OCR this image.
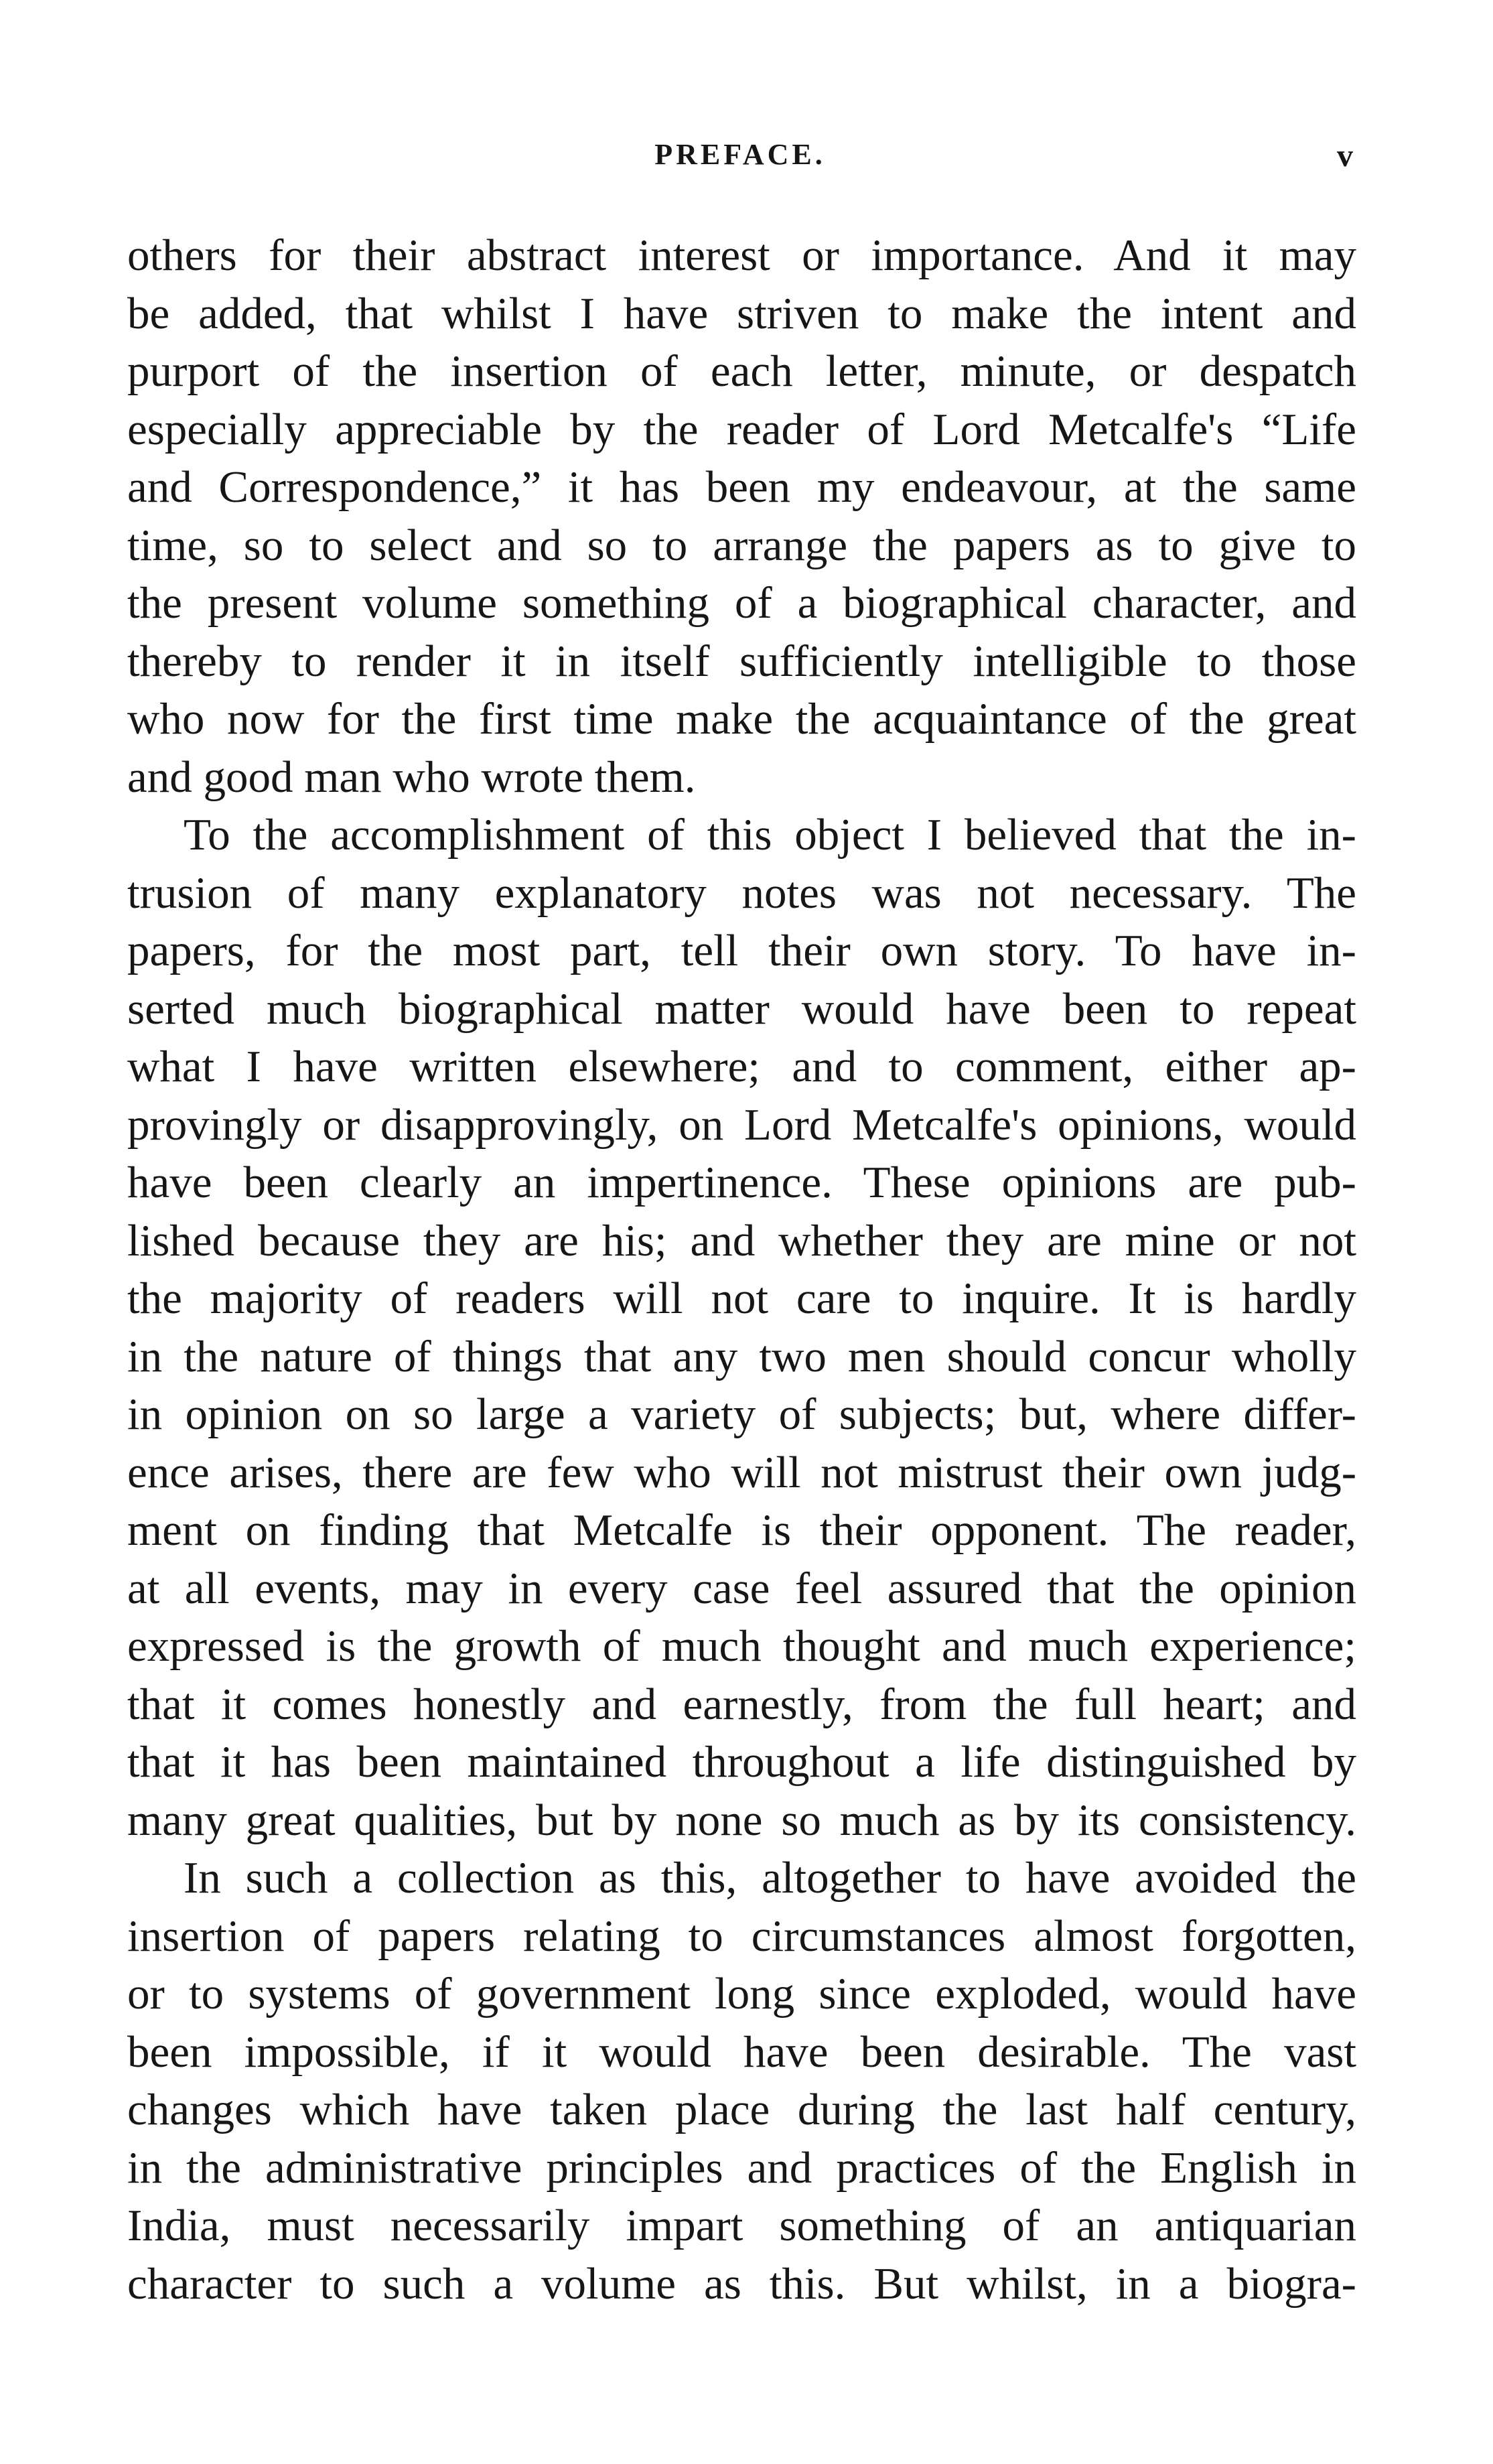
PREFACE.	v
others for their abstract interest or importance. And it may
be added, that whilst I have striven to make the intent and
purport of the insertion of each letter, minute, or despatch
especially appreciable by the reader of Lord Metcalfe's “Life
and Correspondence,” it has been my endeavour, at the same
time, so to select and so to arrange the papers as to give to
the present volume something of a biographical character, and
thereby to render it in itself sufficiently intelligible to those
who now for the first time make the acquaintance of the great
and good man who wrote them.
To the accomplishment of this object I believed that the in-
trusion of many explanatory notes was not necessary. The
papers, for the most part, tell their own story. To have in-
serted much biographical matter would have been to repeat
what I have written elsewhere; and to comment, either ap-
provingly or disapprovingly, on Lord Metcalfe's opinions, would
have been clearly an impertinence. These opinions are pub-
lished because they are his; and whether they are mine or not
the majority of readers will not care to inquire. It is hardly
in the nature of things that any two men should concur wholly
in opinion on so large a variety of subjects; but, where differ-
ence arises, there are few who will not mistrust their own judg-
ment on finding that Metcalfe is their opponent. The reader,
at all events, may in every case feel assured that the opinion
expressed is the growth of much thought and much experience;
that it comes honestly and earnestly, from the full heart; and
that it has been maintained throughout a life distinguished by
many great qualities, but by none so much as by its consistency.
In such a collection as this, altogether to have avoided the
insertion of papers relating to circumstances almost forgotten,
or to systems of government long since exploded, would have
been impossible, if it would have been desirable. The vast
changes which have taken place during the last half century,
in the administrative principles and practices of the English in
India, must necessarily impart something of an antiquarian
character to such a volume as this. But whilst, in a biogra-
